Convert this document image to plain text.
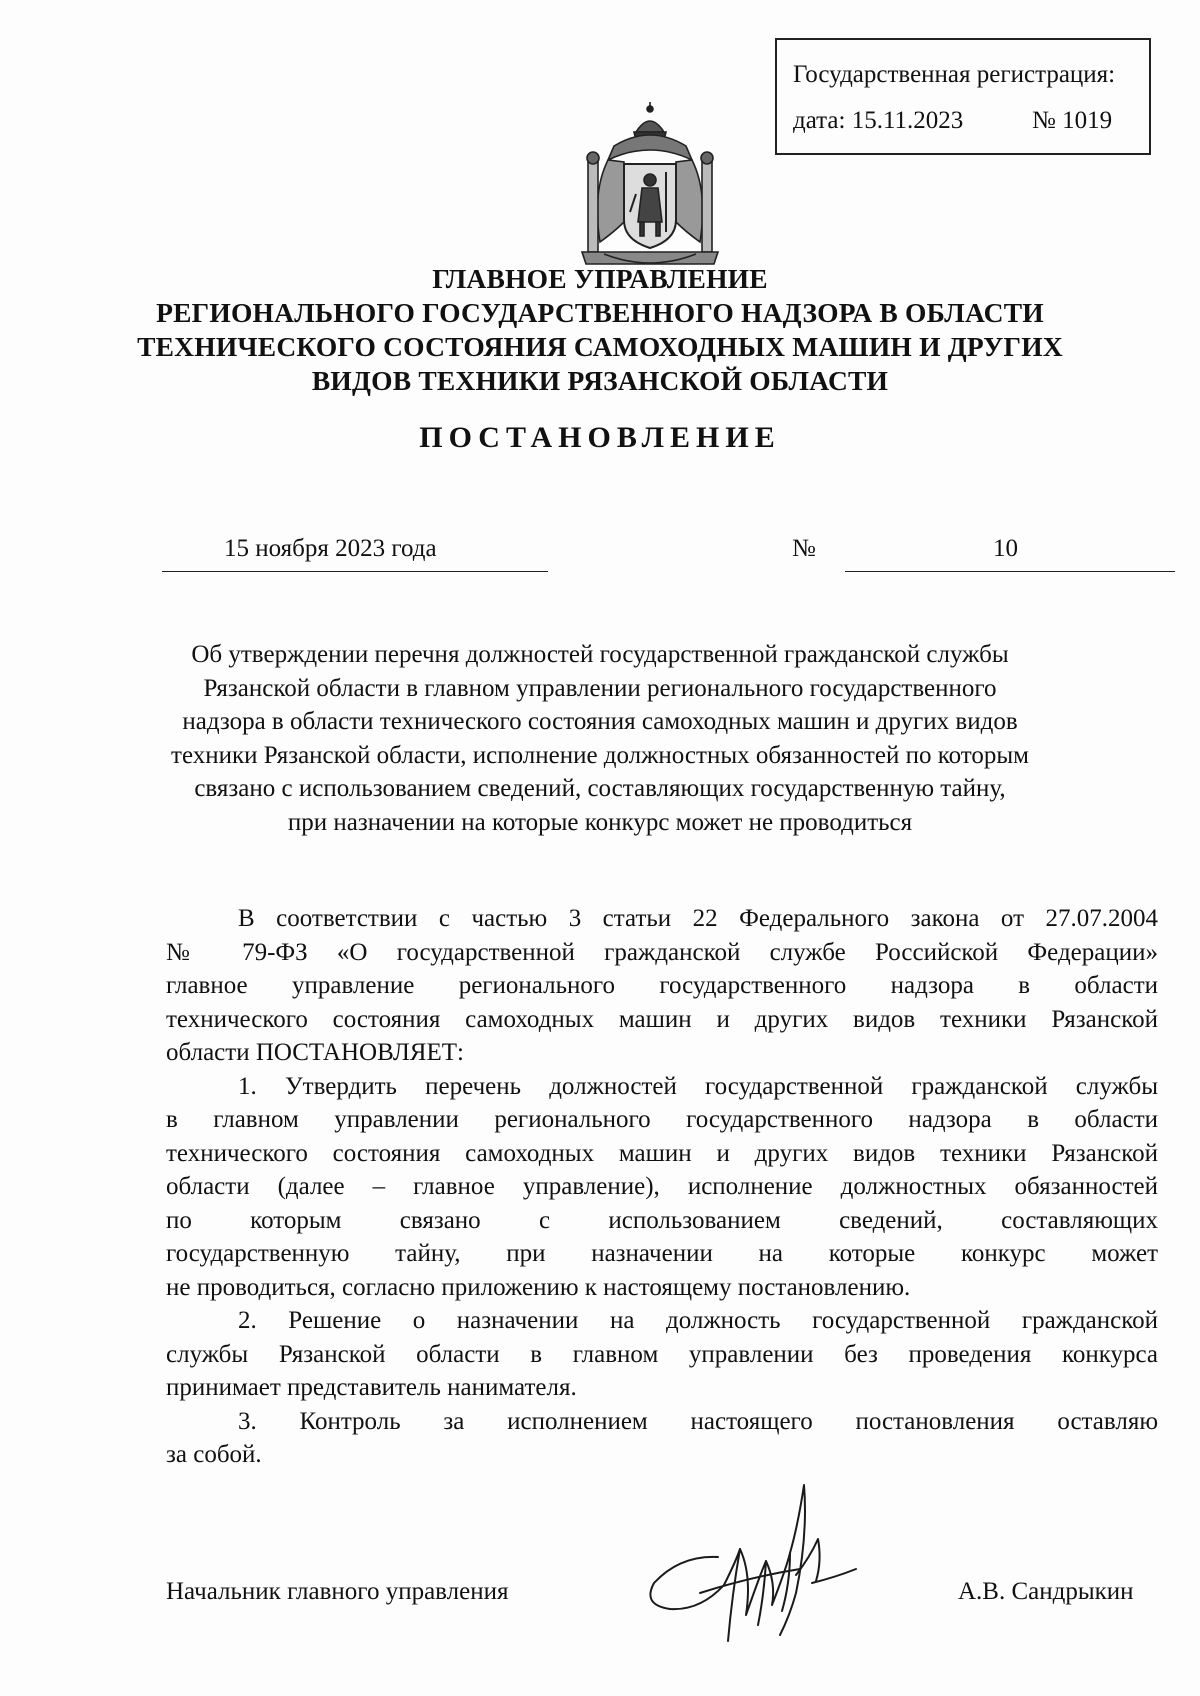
Государственная регистрация:
дата: 15.11.2023	№ 1019
ГЛАВНОЕ УПРАВЛЕНИЕ
РЕГИОНАЛЬНОГО ГОСУДАРСТВЕННОГО НАДЗОРА В ОБЛАСТИ
ТЕХНИЧЕСКОГО СОСТОЯНИЯ САМОХОДНЫХ МАШИН И ДРУГИХ
ВИДОВ ТЕХНИКИ РЯЗАНСКОЙ ОБЛАСТИ
ПОСТАНОВЛЕНИЕ
15 ноября 2023 года	№	10
Об утверждении перечня должностей государственной гражданской службы
Рязанской области в главном управлении регионального государственного
надзора в области технического состояния самоходных машин и других видов
техники Рязанской области, исполнение должностных обязанностей по которым
связано с использованием сведений, составляющих государственную тайну,
при назначении на которые конкурс может не проводиться

В соответствии с частью 3 статьи 22 Федерального закона от 27.07.2004
№ 79-ФЗ «О государственной гражданской службе Российской Федерации»
главное управление регионального государственного надзора в области
технического состояния самоходных машин и других видов техники Рязанской
области ПОСТАНОВЛЯЕТ:

1. Утвердить перечень должностей государственной гражданской службы
в главном управлении регионального государственного надзора в области
технического состояния самоходных машин и других видов техники Рязанской
области (далее – главное управление), исполнение должностных обязанностей
по которым связано с использованием сведений, составляющих
государственную тайну, при назначении на которые конкурс может
не проводиться, согласно приложению к настоящему постановлению.

2. Решение о назначении на должность государственной гражданской
службы Рязанской области в главном управлении без проведения конкурса
принимает представитель нанимателя.

3. Контроль за исполнением настоящего постановления оставляю
за собой.

Начальник главного управления	А.В. Сандрыкин
